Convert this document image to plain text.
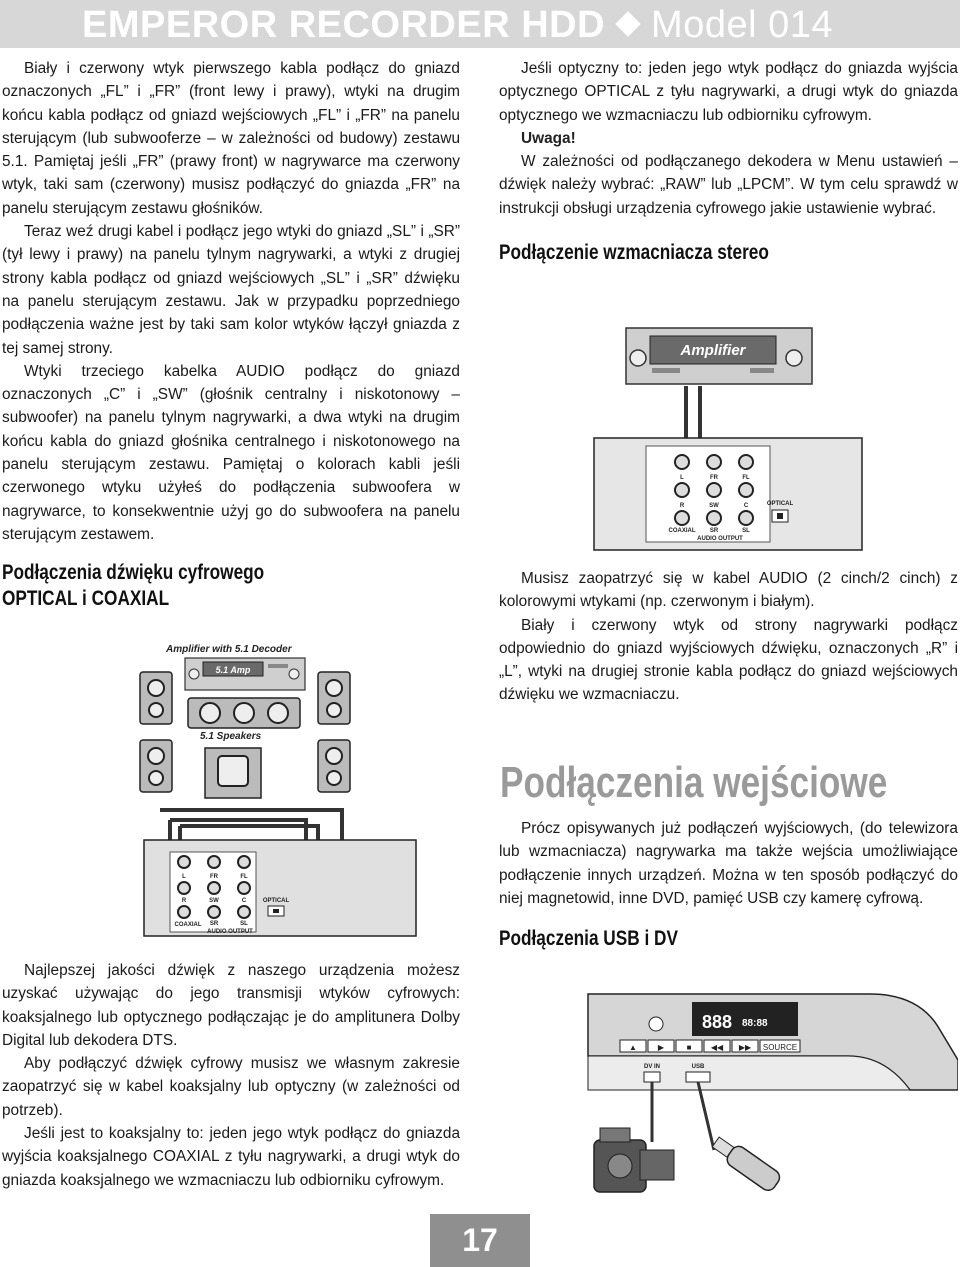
EMPEROR RECORDER HDD Model 014

Biały i czerwony wtyk pierwszego kabla podłącz do gniazd oznaczonych „FL” i „FR” (front lewy i prawy), wtyki na drugim końcu kabla podłącz od gniazd wejściowych „FL” i „FR” na panelu sterującym (lub subwooferze – w zależności od budowy) zestawu 5.1. Pamiętaj jeśli „FR” (prawy front) w nagrywarce ma czerwony wtyk, taki sam (czerwony) musisz podłączyć do gniazda „FR” na panelu sterującym zestawu głośników.

Teraz weź drugi kabel i podłącz jego wtyki do gniazd „SL” i „SR” (tył lewy i prawy) na panelu tylnym nagrywarki, a wtyki z drugiej strony kabla podłącz od gniazd wejściowych „SL” i „SR” dźwięku na panelu sterującym zestawu. Jak w przypadku poprzedniego podłączenia ważne jest by taki sam kolor wtyków łączył gniazda z tej samej strony.

Wtyki trzeciego kabelka AUDIO podłącz do gniazd oznaczonych „C” i „SW” (głośnik centralny i niskotonowy – subwoofer) na panelu tylnym nagrywarki, a dwa wtyki na drugim końcu kabla do gniazd głośnika centralnego i niskotonowego na panelu sterującym zestawu. Pamiętaj o kolorach kabli jeśli czerwonego wtyku użyłeś do podłączenia subwoofera w nagrywarce, to konsekwentnie użyj go do subwoofera na panelu sterującym zestawem.

Podłączenia dźwięku cyfrowego
OPTICAL i COAXIAL
Amplifier with 5.1 Decoder
5.1 Amp
5.1 Speakers
L	FR	FL
R	SW	C
SR	SL
COAXIAL
OPTICAL
AUDIO OUTPUT

Najlepszej jakości dźwięk z naszego urządzenia możesz uzyskać używając do jego transmisji wtyków cyfrowych: koaksjalnego lub optycznego podłączając je do amplitunera Dolby Digital lub dekodera DTS.

Aby podłączyć dźwięk cyfrowy musisz we własnym zakresie zaopatrzyć się w kabel koaksjalny lub optyczny (w zależności od potrzeb).

Jeśli jest to koaksjalny to: jeden jego wtyk podłącz do gniazda wyjścia koaksjalnego COAXIAL z tyłu nagrywarki, a drugi wtyk do gniazda koaksjalnego we wzmacniaczu lub odbiorniku cyfrowym.

Jeśli optyczny to: jeden jego wtyk podłącz do gniazda wyjścia optycznego OPTICAL z tyłu nagrywarki, a drugi wtyk do gniazda optycznego we wzmacniaczu lub odbiorniku cyfrowym.

Uwaga!

W zależności od podłączanego dekodera w Menu ustawień – dźwięk należy wybrać: „RAW” lub „LPCM”. W tym celu sprawdź w instrukcji obsługi urządzenia cyfrowego jakie ustawienie wybrać.

Podłączenie wzmacniacza stereo
Amplifier
L	FR	FL
R	SW	C
SR	SL
COAXIAL
OPTICAL
AUDIO OUTPUT

Musisz zaopatrzyć się w kabel AUDIO (2 cinch/2 cinch) z kolorowymi wtykami (np. czerwonym i białym).

Biały i czerwony wtyk od strony nagrywarki podłącz odpowiednio do gniazd wyjściowych dźwięku, oznaczonych „R” i „L”, wtyki na drugiej stronie kabla podłącz do gniazd wejściowych dźwięku we wzmacniaczu.

Podłączenia wejściowe

Prócz opisywanych już podłączeń wyjściowych, (do telewizora lub wzmacniacza) nagrywarka ma także wejścia umożliwiające podłączenie innych urządzeń. Można w ten sposób podłączyć do niej magnetowid, inne DVD, pamięć USB czy kamerę cyfrową.

Podłączenia USB i DV
888 88:88
▲	▶	■ ◀◀ ▶▶ SOURCE
DV IN	USB
17
